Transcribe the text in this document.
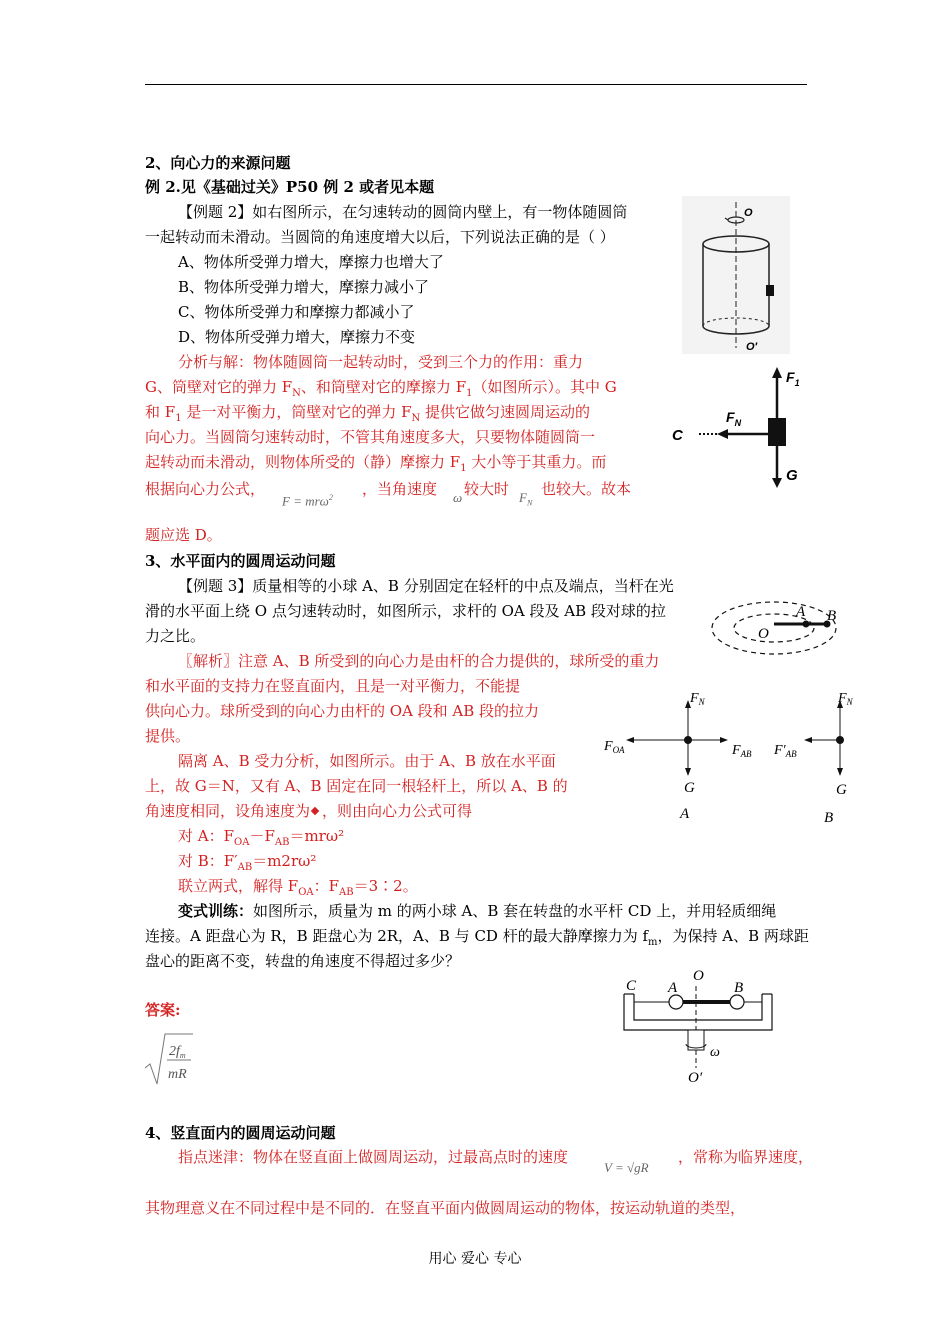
2、向心力的来源问题
例 2.见《基础过关》P50 例 2 或者见本题
【例题 2】如右图所示，在匀速转动的圆筒内壁上，有一物体随圆筒
一起转动而未滑动。当圆筒的角速度增大以后，下列说法正确的是（ ）
A、物体所受弹力增大，摩擦力也增大了
B、物体所受弹力增大，摩擦力减小了
C、物体所受弹力和摩擦力都减小了
D、物体所受弹力增大，摩擦力不变
分析与解：物体随圆筒一起转动时，受到三个力的作用：重力
G、筒壁对它的弹力 $F_N$、和筒壁对它的摩擦力 $F_1$（如图所示）。其中 G
和 $F_1$ 是一对平衡力，筒壁对它的弹力 $F_N$ 提供它做匀速圆周运动的
向心力。当圆筒匀速转动时，不管其角速度多大，只要物体随圆筒一
起转动而未滑动，则物体所受的（静）摩擦力 $F_1$ 大小等于其重力。而
根据向心力公式，
F = mrω$^2$ ，当角速度 ω 较大时 $F_N$
也较大。故本
题应选 D。
O
O′
$F_1$
$F_N$
C
G
3、水平面内的圆周运动问题
【例题 3】质量相等的小球 A、B 分别固定在轻杆的中点及端点，当杆在光
滑的水平面上绕 O 点匀速转动时，如图所示，求杆的 OA 段及 AB 段对球的拉
力之比。
A B
O
〖解析〗注意 A、B 所受到的向心力是由杆的合力提供的，球所受的重力
和水平面的支持力在竖直面内，且是一对平衡力，不能提
供向心力。球所受到的向心力由杆的 OA 段和 AB 段的拉力
提供。
隔离 A、B 受力分析，如图所示。由于 A、B 放在水平面
上，故 G＝N，又有 A、B 固定在同一根轻杆上，所以 A、B 的
角速度相同，设角速度为 ，则由向心力公式可得
对 A：$F_{OA}-F_{AB}=mr\omega^2$
对 B：$F'_{AB}=m2r\omega^2$
联立两式，解得 $F_{OA}$：$F_{AB}=3∶2$。
$F_N$
$F_{OA}$	$F_{AB}$
G
A
$F_N$
$F'_{AB}$
G
B
变式训练：如图所示，质量为 m 的两小球 A、B 套在转盘的水平杆 CD 上，并用轻质细绳
连接。A 距盘心为 R，B 距盘心为 2R，A、B 与 CD 杆的最大静摩擦力为 $f_m$，为保持 A、B 两球距
盘心的距离不变，转盘的角速度不得超过多少？
答案:
$2f_m$
mR
C A
O
B
ω
O′
4、竖直面内的圆周运动问题
指点迷津：物体在竖直面上做圆周运动，过最高点时的速度
V = √gR
，常称为临界速度，
其物理意义在不同过程中是不同的．在竖直平面内做圆周运动的物体，按运动轨道的类型，
用心 爱心 专心
